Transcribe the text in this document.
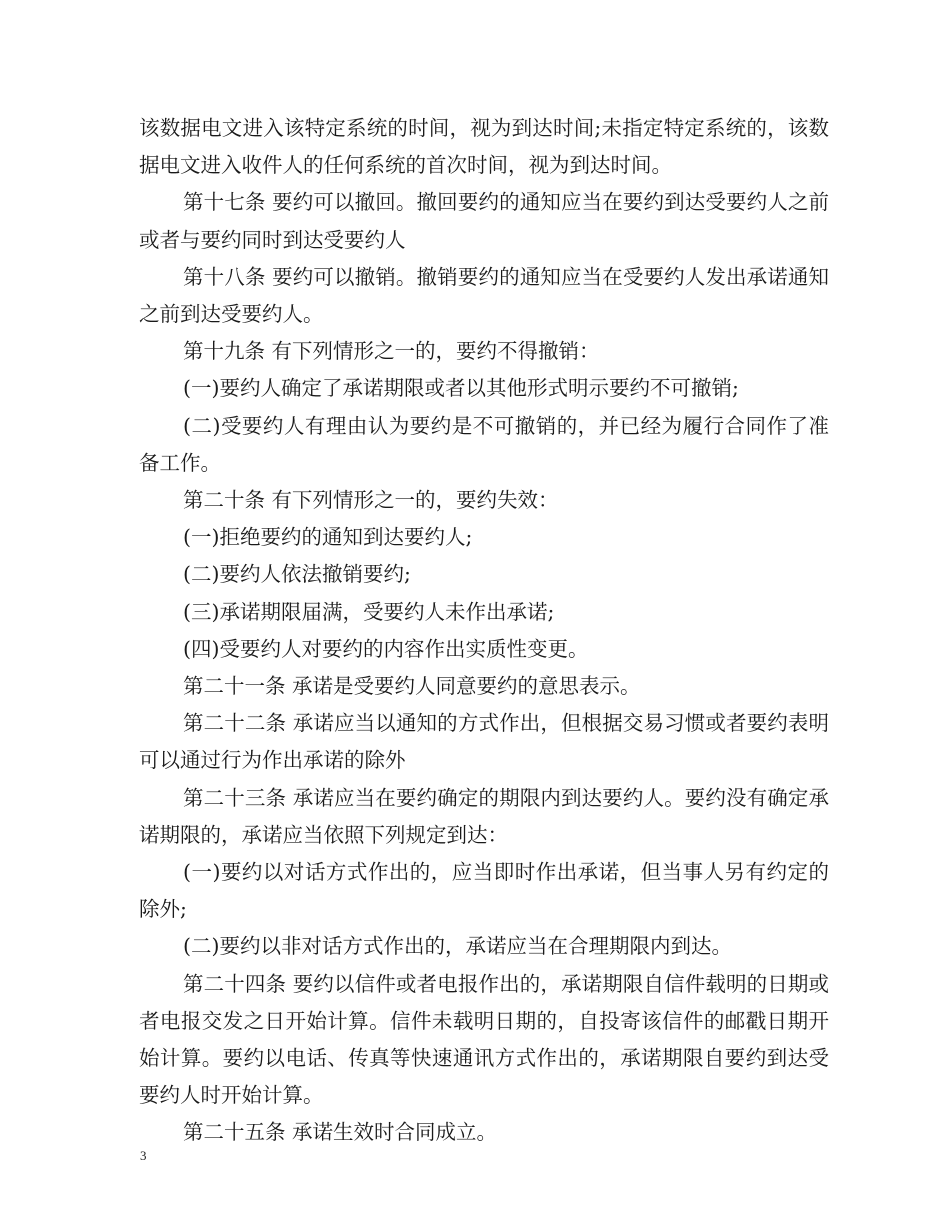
该数据电文进入该特定系统的时间，视为到达时间;未指定特定系统的，该数据电文进入收件人的任何系统的首次时间，视为到达时间。

第十七条 要约可以撤回。撤回要约的通知应当在要约到达受要约人之前或者与要约同时到达受要约人

第十八条 要约可以撤销。撤销要约的通知应当在受要约人发出承诺通知之前到达受要约人。

第十九条 有下列情形之一的，要约不得撤销：

(一)要约人确定了承诺期限或者以其他形式明示要约不可撤销;

(二)受要约人有理由认为要约是不可撤销的，并已经为履行合同作了准备工作。

第二十条 有下列情形之一的，要约失效：

(一)拒绝要约的通知到达要约人;

(二)要约人依法撤销要约;

(三)承诺期限届满，受要约人未作出承诺;

(四)受要约人对要约的内容作出实质性变更。

第二十一条 承诺是受要约人同意要约的意思表示。

第二十二条 承诺应当以通知的方式作出，但根据交易习惯或者要约表明可以通过行为作出承诺的除外

第二十三条 承诺应当在要约确定的期限内到达要约人。要约没有确定承诺期限的，承诺应当依照下列规定到达：

(一)要约以对话方式作出的，应当即时作出承诺，但当事人另有约定的除外;

(二)要约以非对话方式作出的，承诺应当在合理期限内到达。

第二十四条 要约以信件或者电报作出的，承诺期限自信件载明的日期或者电报交发之日开始计算。信件未载明日期的，自投寄该信件的邮戳日期开始计算。要约以电话、传真等快速通讯方式作出的，承诺期限自要约到达受要约人时开始计算。

第二十五条 承诺生效时合同成立。

3
